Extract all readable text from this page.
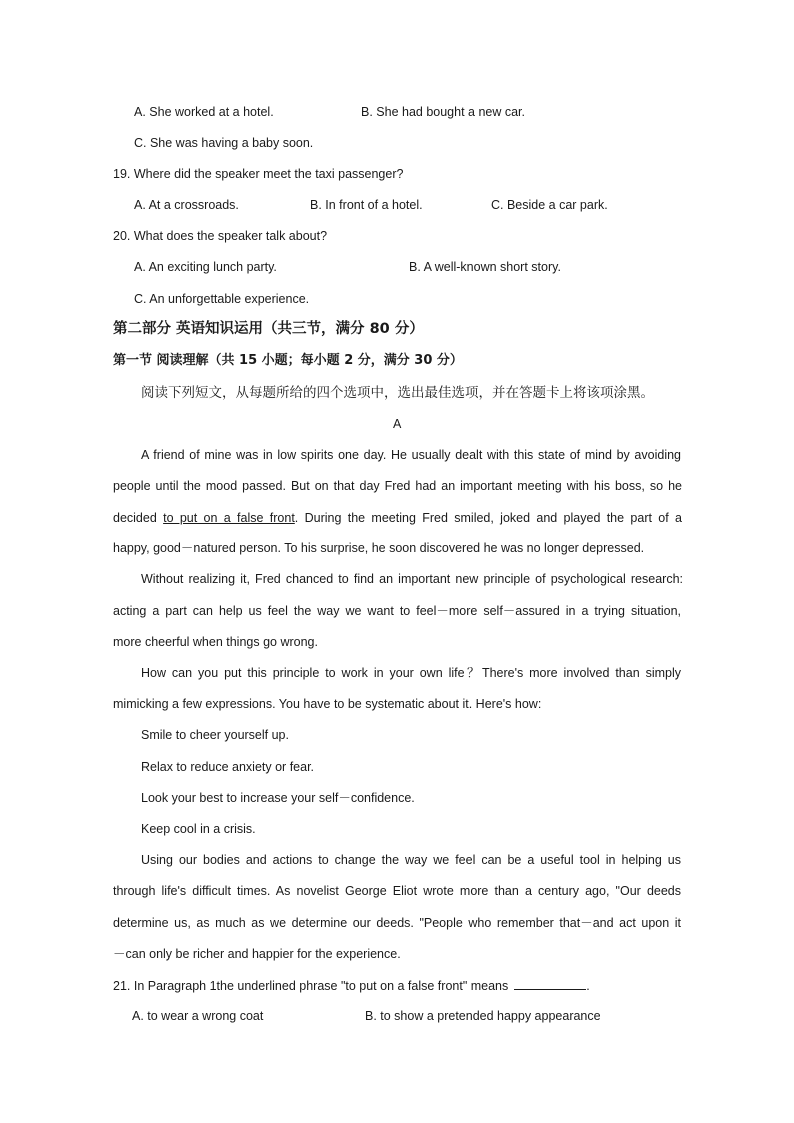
A. She worked at a hotel.	B. She had bought a new car.
C. She was having a baby soon.
19. Where did the speaker meet the taxi passenger?
A. At a crossroads.	B. In front of a hotel.	C. Beside a car park.
20. What does the speaker talk about?
A. An exciting lunch party.	B. A well-known short story.
C. An unforgettable experience.
第二部分 英语知识运用（共三节，满分 80 分）
第一节 阅读理解（共 15 小题；每小题 2 分，满分 30 分）
阅读下列短文，从每题所给的四个选项中，选出最佳选项，并在答题卡上将该项涂黑。
A
A friend of mine was in low spirits one day. He usually dealt with this state of mind by avoiding
people until the mood passed. But on that day Fred had an important meeting with his boss, so he
decided to put on a false front. During the meeting Fred smiled, joked and played the part of a
happy, good－natured person. To his surprise, he soon discovered he was no longer depressed.
Without realizing it, Fred chanced to find an important new principle of psychological research:
acting a part can help us feel the way we want to feel－more self－assured in a trying situation,
more cheerful when things go wrong.
How can you put this principle to work in your own life？There's more involved than simply
mimicking a few expressions. You have to be systematic about it. Here's how:
Smile to cheer yourself up.
Relax to reduce anxiety or fear.
Look your best to increase your self－confidence.
Keep cool in a crisis.
Using our bodies and actions to change the way we feel can be a useful tool in helping us
through life's difficult times. As novelist George Eliot wrote more than a century ago, "Our deeds
determine us, as much as we determine our deeds. "People who remember that－and act upon it
－can only be richer and happier for the experience.
21. In Paragraph 1the underlined phrase "to put on a false front" means	.
A. to wear a wrong coat	B. to show a pretended happy appearance
